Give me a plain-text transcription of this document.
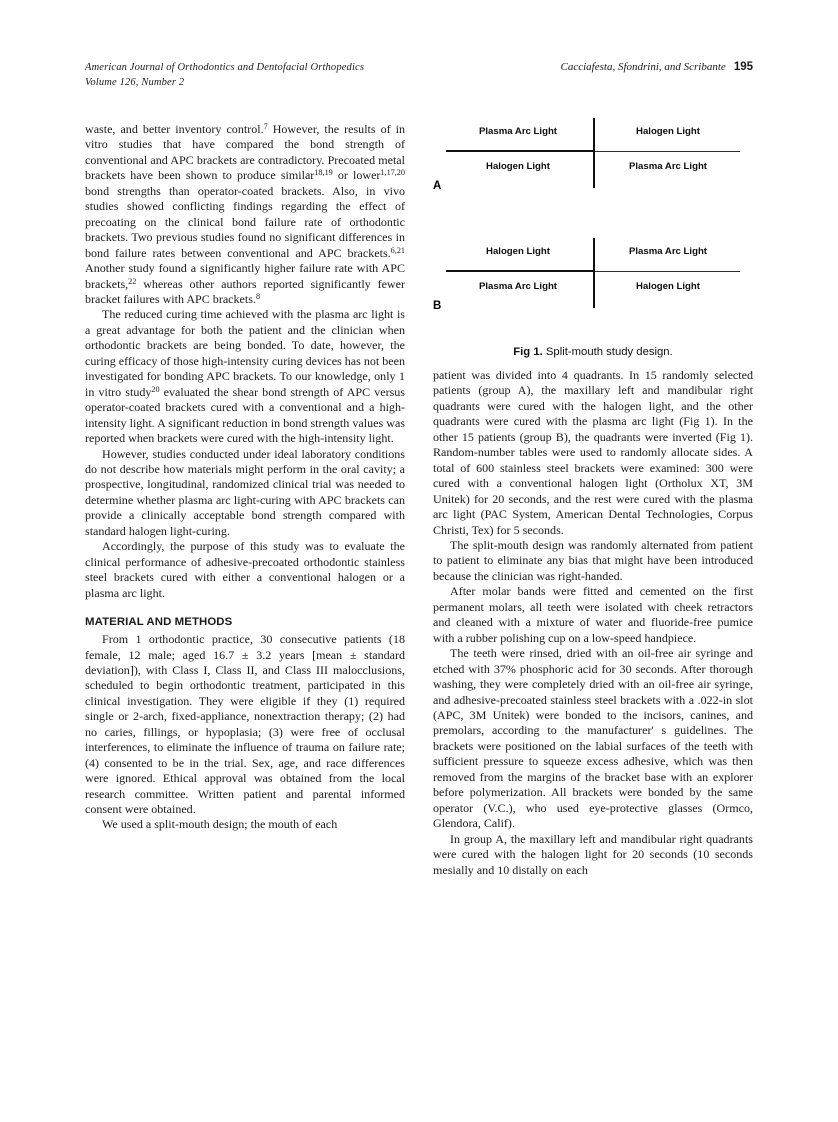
American Journal of Orthodontics and Dentofacial Orthopedics
Volume 126, Number 2
Cacciafesta, Sfondrini, and Scribante 195

waste, and better inventory control.$^7$ However, the results of in vitro studies that have compared the bond strength of conventional and APC brackets are contradictory. Precoated metal brackets have been shown to produce similar$^{18,19}$ or lower$^{1,17,20}$ bond strengths than operator-coated brackets. Also, in vivo studies showed conflicting findings regarding the effect of precoating on the clinical bond failure rate of orthodontic brackets. Two previous studies found no significant differences in bond failure rates between conventional and APC brackets.$^{6,21}$ Another study found a significantly higher failure rate with APC brackets,$^{22}$ whereas other authors reported significantly fewer bracket failures with APC brackets.$^8$

The reduced curing time achieved with the plasma arc light is a great advantage for both the patient and the clinician when orthodontic brackets are being bonded. To date, however, the curing efficacy of those high-intensity curing devices has not been investigated for bonding APC brackets. To our knowledge, only 1 in vitro study$^{20}$ evaluated the shear bond strength of APC versus operator-coated brackets cured with a conventional and a high-intensity light. A significant reduction in bond strength values was reported when brackets were cured with the high-intensity light.

However, studies conducted under ideal laboratory conditions do not describe how materials might perform in the oral cavity; a prospective, longitudinal, randomized clinical trial was needed to determine whether plasma arc light-curing with APC brackets can provide a clinically acceptable bond strength compared with standard halogen light-curing.

Accordingly, the purpose of this study was to evaluate the clinical performance of adhesive-precoated orthodontic stainless steel brackets cured with either a conventional halogen or a plasma arc light.

MATERIAL AND METHODS

From 1 orthodontic practice, 30 consecutive patients (18 female, 12 male; aged 16.7 ± 3.2 years [mean ± standard deviation]), with Class I, Class II, and Class III malocclusions, scheduled to begin orthodontic treatment, participated in this clinical investigation. They were eligible if they (1) required single or 2-arch, fixed-appliance, nonextraction therapy; (2) had no caries, fillings, or hypoplasia; (3) were free of occlusal interferences, to eliminate the influence of trauma on failure rate; (4) consented to be in the trial. Sex, age, and race differences were ignored. Ethical approval was obtained from the local research committee. Written patient and parental informed consent were obtained.

We used a split-mouth design; the mouth of each

Plasma Arc Light	Halogen Light
Halogen Light	Plasma Arc Light
A
Halogen Light	Plasma Arc Light
Plasma Arc Light	Halogen Light
B
Fig 1. Split-mouth study design.

patient was divided into 4 quadrants. In 15 randomly selected patients (group A), the maxillary left and mandibular right quadrants were cured with the halogen light, and the other quadrants were cured with the plasma arc light (Fig 1). In the other 15 patients (group B), the quadrants were inverted (Fig 1). Random-number tables were used to randomly allocate sides. A total of 600 stainless steel brackets were examined: 300 were cured with a conventional halogen light (Ortholux XT, 3M Unitek) for 20 seconds, and the rest were cured with the plasma arc light (PAC System, American Dental Technologies, Corpus Christi, Tex) for 5 seconds.

The split-mouth design was randomly alternated from patient to patient to eliminate any bias that might have been introduced because the clinician was right-handed.

After molar bands were fitted and cemented on the first permanent molars, all teeth were isolated with cheek retractors and cleaned with a mixture of water and fluoride-free pumice with a rubber polishing cup on a low-speed handpiece.

The teeth were rinsed, dried with an oil-free air syringe and etched with 37% phosphoric acid for 30 seconds. After thorough washing, they were completely dried with an oil-free air syringe, and adhesive-precoated stainless steel brackets with a .022-in slot (APC, 3M Unitek) were bonded to the incisors, canines, and premolars, according to the manufacturer' s guidelines. The brackets were positioned on the labial surfaces of the teeth with sufficient pressure to squeeze excess adhesive, which was then removed from the margins of the bracket base with an explorer before polymerization. All brackets were bonded by the same operator (V.C.), who used eye-protective glasses (Ormco, Glendora, Calif).

In group A, the maxillary left and mandibular right quadrants were cured with the halogen light for 20 seconds (10 seconds mesially and 10 distally on each
